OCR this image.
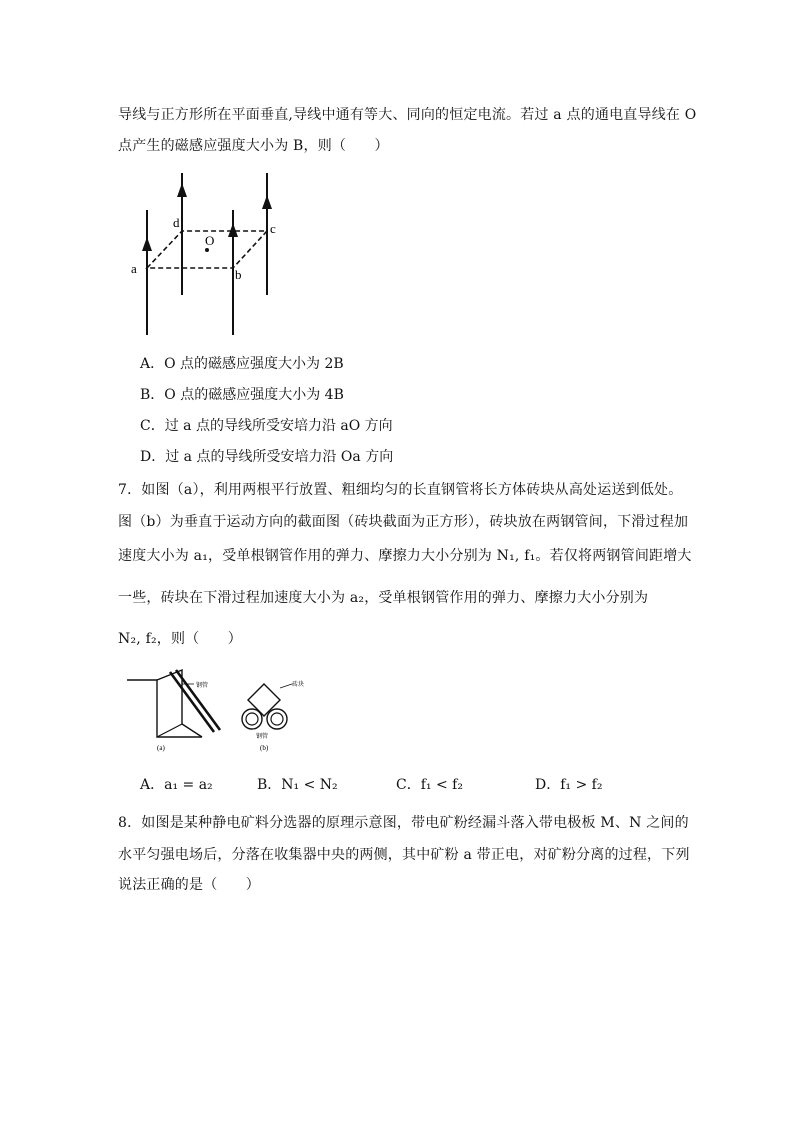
导线与正方形所在平面垂直,导线中通有等大、同向的恒定电流。若过 a 点的通电直导线在 O
点产生的磁感应强度大小为 B，则（　　）
a
d	c
b
O
A．O 点的磁感应强度大小为 2B
B．O 点的磁感应强度大小为 4B
C．过 a 点的导线所受安培力沿 aO 方向
D．过 a 点的导线所受安培力沿 Oa 方向
7．如图（a），利用两根平行放置、粗细均匀的长直钢管将长方体砖块从高处运送到低处。
图（b）为垂直于运动方向的截面图（砖块截面为正方形），砖块放在两钢管间，下滑过程加
速度大小为 a₁，受单根钢管作用的弹力、摩擦力大小分别为 N₁, f₁。若仅将两钢管间距增大
一些，砖块在下滑过程加速度大小为 a₂，受单根钢管作用的弹力、摩擦力大小分别为
N₂, f₂，则（　　）
钢管
(a)
砖块
钢管
(b)
A．a₁ = a₂	B．N₁ < N₂	C．f₁ < f₂	D．f₁ > f₂
8．如图是某种静电矿料分选器的原理示意图，带电矿粉经漏斗落入带电极板 M、N 之间的
水平匀强电场后，分落在收集器中央的两侧，其中矿粉 a 带正电，对矿粉分离的过程，下列
说法正确的是（　　）
